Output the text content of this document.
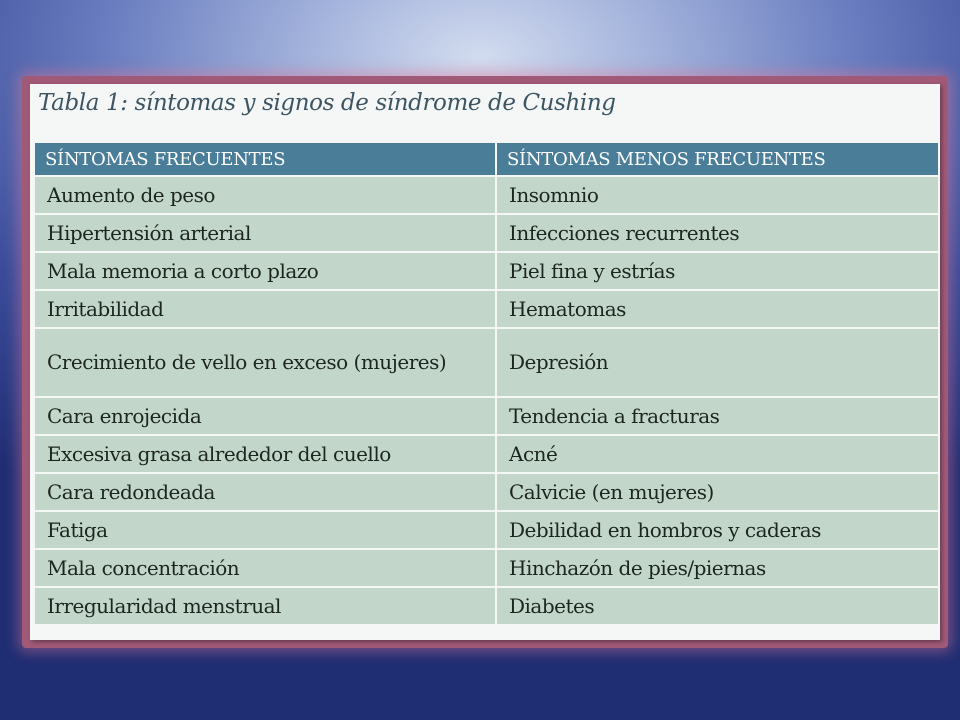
Tabla 1: síntomas y signos de síndrome de Cushing
SÍNTOMAS FRECUENTES	SÍNTOMAS MENOS FRECUENTES
Aumento de peso	Insomnio
Hipertensión arterial	Infecciones recurrentes
Mala memoria a corto plazo	Piel fina y estrías
Irritabilidad	Hematomas
Crecimiento de vello en exceso (mujeres)	Depresión
Cara enrojecida	Tendencia a fracturas
Excesiva grasa alrededor del cuello	Acné
Cara redondeada	Calvicie (en mujeres)
Fatiga	Debilidad en hombros y caderas
Mala concentración	Hinchazón de pies/piernas
Irregularidad menstrual	Diabetes
